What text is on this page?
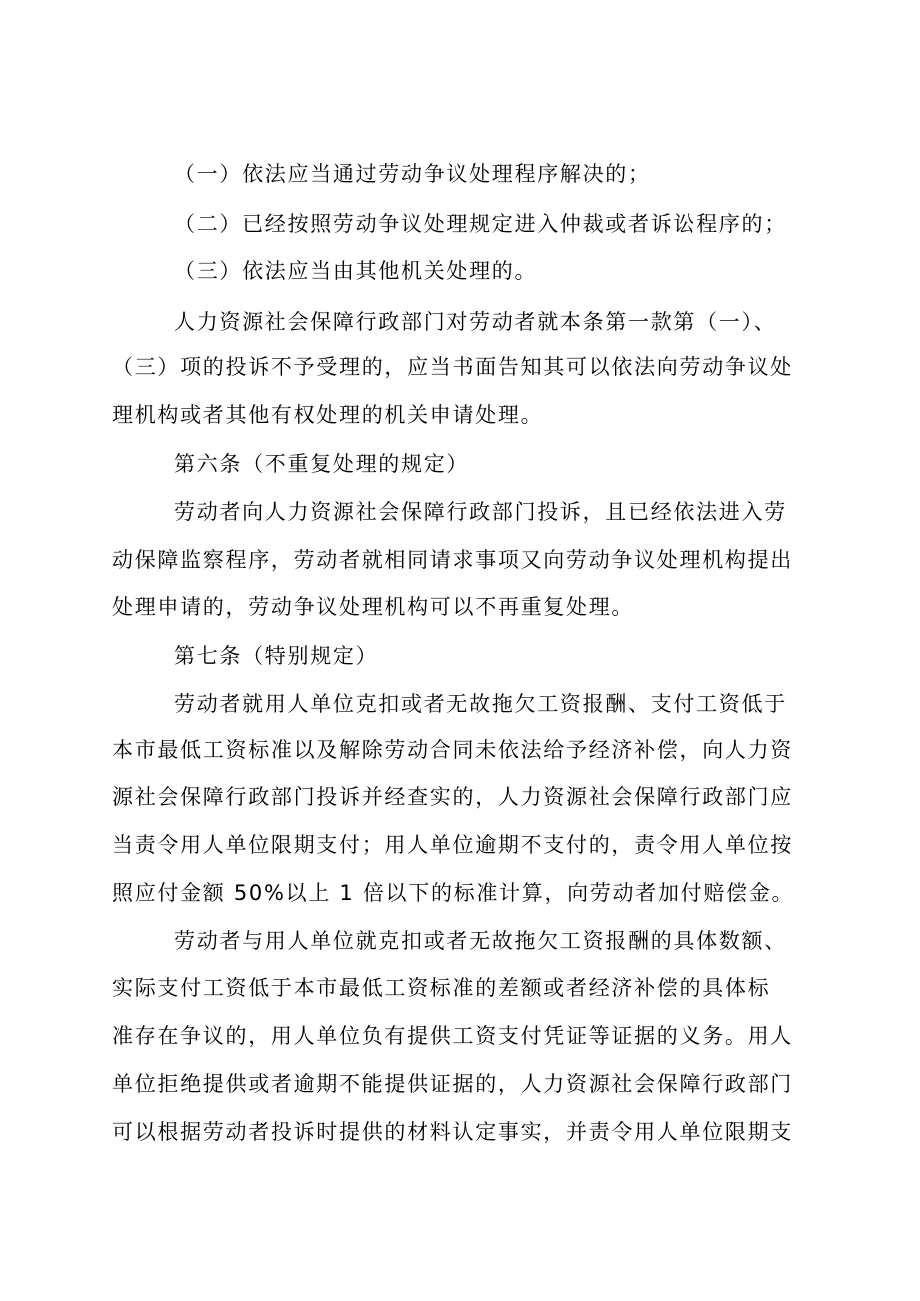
（一）依法应当通过劳动争议处理程序解决的；
（二）已经按照劳动争议处理规定进入仲裁或者诉讼程序的；
（三）依法应当由其他机关处理的。
人力资源社会保障行政部门对劳动者就本条第一款第（一）、
（三）项的投诉不予受理的，应当书面告知其可以依法向劳动争议处
理机构或者其他有权处理的机关申请处理。
第六条（不重复处理的规定）
劳动者向人力资源社会保障行政部门投诉，且已经依法进入劳
动保障监察程序，劳动者就相同请求事项又向劳动争议处理机构提出
处理申请的，劳动争议处理机构可以不再重复处理。
第七条（特别规定）
劳动者就用人单位克扣或者无故拖欠工资报酬、支付工资低于
本市最低工资标准以及解除劳动合同未依法给予经济补偿，向人力资
源社会保障行政部门投诉并经查实的，人力资源社会保障行政部门应
当责令用人单位限期支付；用人单位逾期不支付的，责令用人单位按
照应付金额 50%以上 1 倍以下的标准计算，向劳动者加付赔偿金。
劳动者与用人单位就克扣或者无故拖欠工资报酬的具体数额、
实际支付工资低于本市最低工资标准的差额或者经济补偿的具体标
准存在争议的，用人单位负有提供工资支付凭证等证据的义务。用人
单位拒绝提供或者逾期不能提供证据的，人力资源社会保障行政部门
可以根据劳动者投诉时提供的材料认定事实，并责令用人单位限期支
